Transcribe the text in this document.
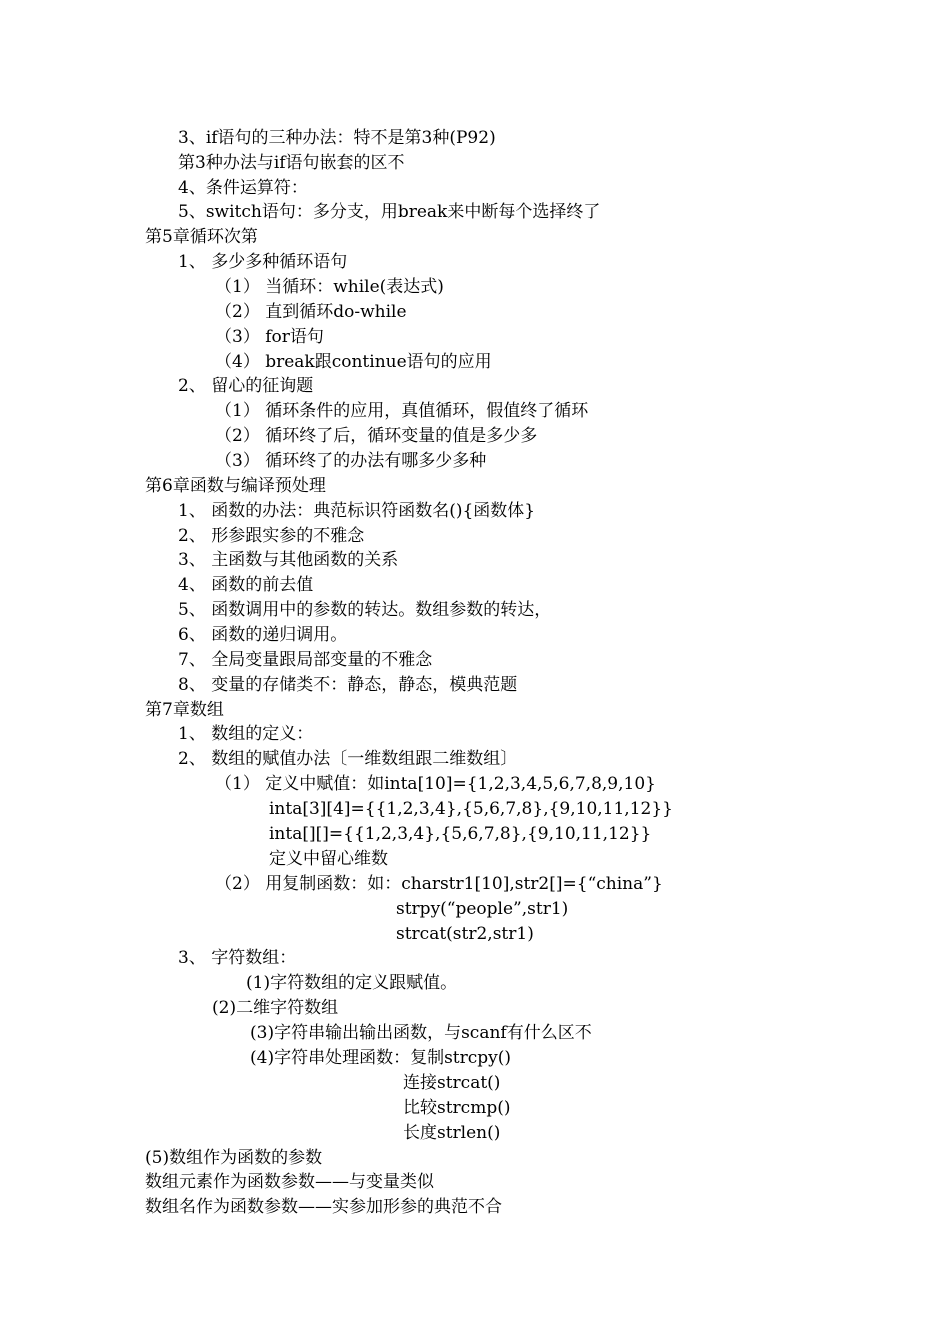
3、if语句的三种办法：特不是第3种(P92)
第3种办法与if语句嵌套的区不
4、条件运算符：
5、switch语句：多分支，用break来中断每个选择终了
第5章循环次第
1、 多少多种循环语句
（1） 当循环：while(表达式)
（2） 直到循环do-while
（3） for语句
（4） break跟continue语句的应用
2、 留心的征询题
（1） 循环条件的应用，真值循环，假值终了循环
（2） 循环终了后，循环变量的值是多少多
（3） 循环终了的办法有哪多少多种
第6章函数与编译预处理
1、 函数的办法：典范标识符函数名(){函数体}
2、 形参跟实参的不雅念
3、 主函数与其他函数的关系
4、 函数的前去值
5、 函数调用中的参数的转达。数组参数的转达，
6、 函数的递归调用。
7、 全局变量跟局部变量的不雅念
8、 变量的存储类不：静态，静态，模典范题
第7章数组
1、 数组的定义：
2、 数组的赋值办法〔一维数组跟二维数组〕
（1） 定义中赋值：如inta[10]={1,2,3,4,5,6,7,8,9,10}
inta[3][4]={{1,2,3,4},{5,6,7,8},{9,10,11,12}}
inta[][]={{1,2,3,4},{5,6,7,8},{9,10,11,12}}
定义中留心维数
（2） 用复制函数：如：charstr1[10],str2[]={“china”}
strpy(“people”,str1)
strcat(str2,str1)
3、 字符数组：
(1)字符数组的定义跟赋值。
(2)二维字符数组
(3)字符串输出输出函数，与scanf有什么区不
(4)字符串处理函数：复制strcpy()
连接strcat()
比较strcmp()
长度strlen()
(5)数组作为函数的参数
数组元素作为函数参数——与变量类似
数组名作为函数参数——实参加形参的典范不合
